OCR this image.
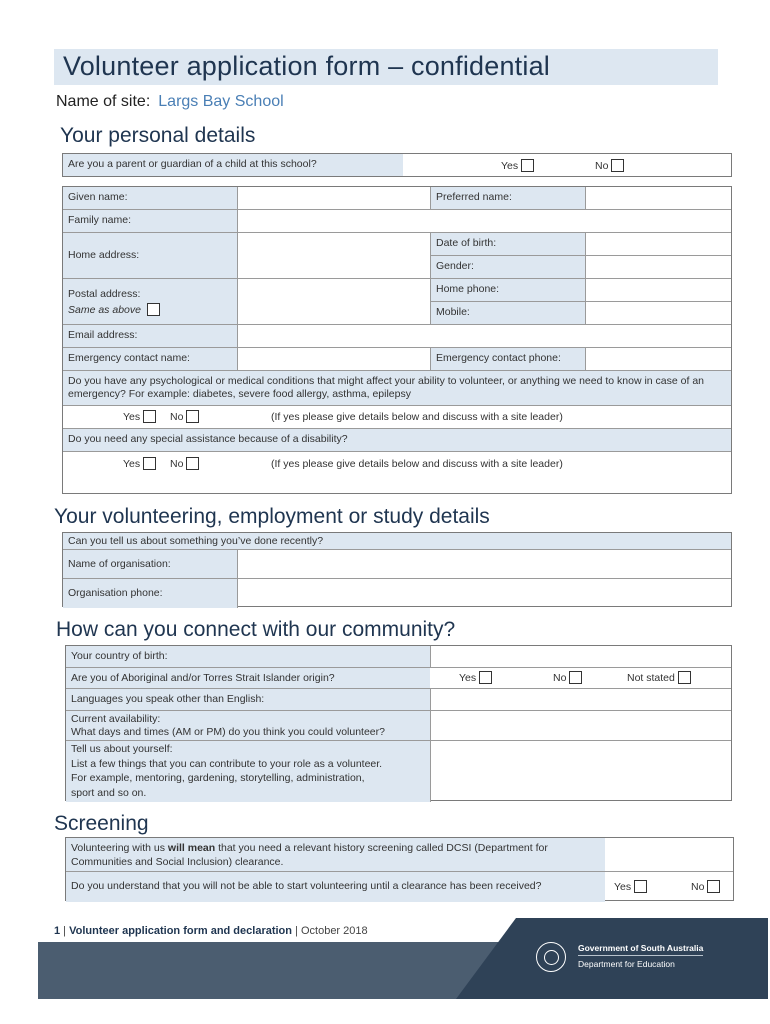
Volunteer application form – confidential
Name of site: Largs Bay School
Your personal details
Are you a parent or guardian of a child at this school?	Yes	No
Given name:	Preferred name:
Family name:
Home address:
Date of birth:
Gender:
Postal address:
Same as above
Home phone:
Mobile:
Email address:
Emergency contact name:	Emergency contact phone:
Do you have any psychological or medical conditions that might affect your ability to volunteer, or anything we need to know in case of an emergency? For example: diabetes, severe food allergy, asthma, epilepsy
Yes	No	(If yes please give details below and discuss with a site leader)
Do you need any special assistance because of a disability?
Yes	No	(If yes please give details below and discuss with a site leader)
Your volunteering, employment or study details
Can you tell us about something you’ve done recently?
Name of organisation:
Organisation phone:
How can you connect with our community?
Your country of birth:
Are you of Aboriginal and/or Torres Strait Islander origin?	Yes	No	Not stated
Languages you speak other than English:
Current availability:
What days and times (AM or PM) do you think you could volunteer?
Tell us about yourself:
List a few things that you can contribute to your role as a volunteer.
For example, mentoring, gardening, storytelling, administration,
sport and so on.
Screening
Volunteering with us will mean that you need a relevant history screening called DCSI (Department for Communities and Social Inclusion) clearance.
Do you understand that you will not be able to start volunteering until a clearance has been received?	Yes	No
1 | Volunteer application form and declaration | October 2018
Government of South Australia
Department for Education
